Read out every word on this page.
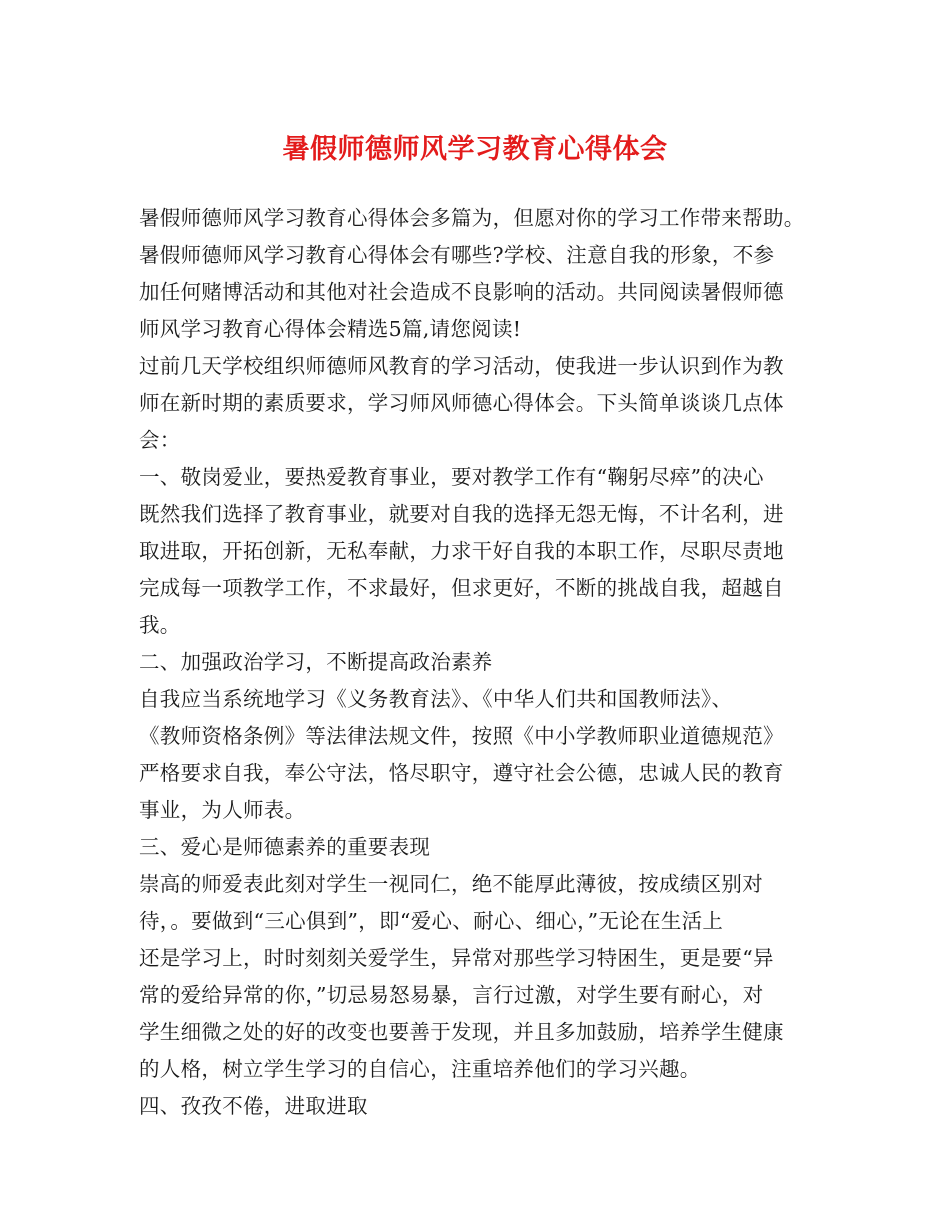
暑假师德师风学习教育心得体会
暑假师德师风学习教育心得体会多篇为，但愿对你的学习工作带来帮助。
暑假师德师风学习教育心得体会有哪些?学校、注意自我的形象，不参
加任何赌博活动和其他对社会造成不良影响的活动。共同阅读暑假师德
师风学习教育心得体会精选5篇,请您阅读!
过前几天学校组织师德师风教育的学习活动，使我进一步认识到作为教
师在新时期的素质要求，学习师风师德心得体会。下头简单谈谈几点体
会：
一、敬岗爱业，要热爱教育事业，要对教学工作有“鞠躬尽瘁”的决心
既然我们选择了教育事业，就要对自我的选择无怨无悔，不计名利，进
取进取，开拓创新，无私奉献，力求干好自我的本职工作，尽职尽责地
完成每一项教学工作，不求最好，但求更好，不断的挑战自我，超越自
我。
二、加强政治学习，不断提高政治素养
自我应当系统地学习《义务教育法》、《中华人们共和国教师法》、
《教师资格条例》等法律法规文件，按照《中小学教师职业道德规范》
严格要求自我，奉公守法，恪尽职守，遵守社会公德，忠诚人民的教育
事业，为人师表。
三、爱心是师德素养的重要表现
崇高的师爱表此刻对学生一视同仁，绝不能厚此薄彼，按成绩区别对
待，。要做到“三心俱到”，即“爱心、耐心、细心，”无论在生活上
还是学习上，时时刻刻关爱学生，异常对那些学习特困生，更是要“异
常的爱给异常的你，”切忌易怒易暴，言行过激，对学生要有耐心，对
学生细微之处的好的改变也要善于发现，并且多加鼓励，培养学生健康
的人格，树立学生学习的自信心，注重培养他们的学习兴趣。
四、孜孜不倦，进取进取
